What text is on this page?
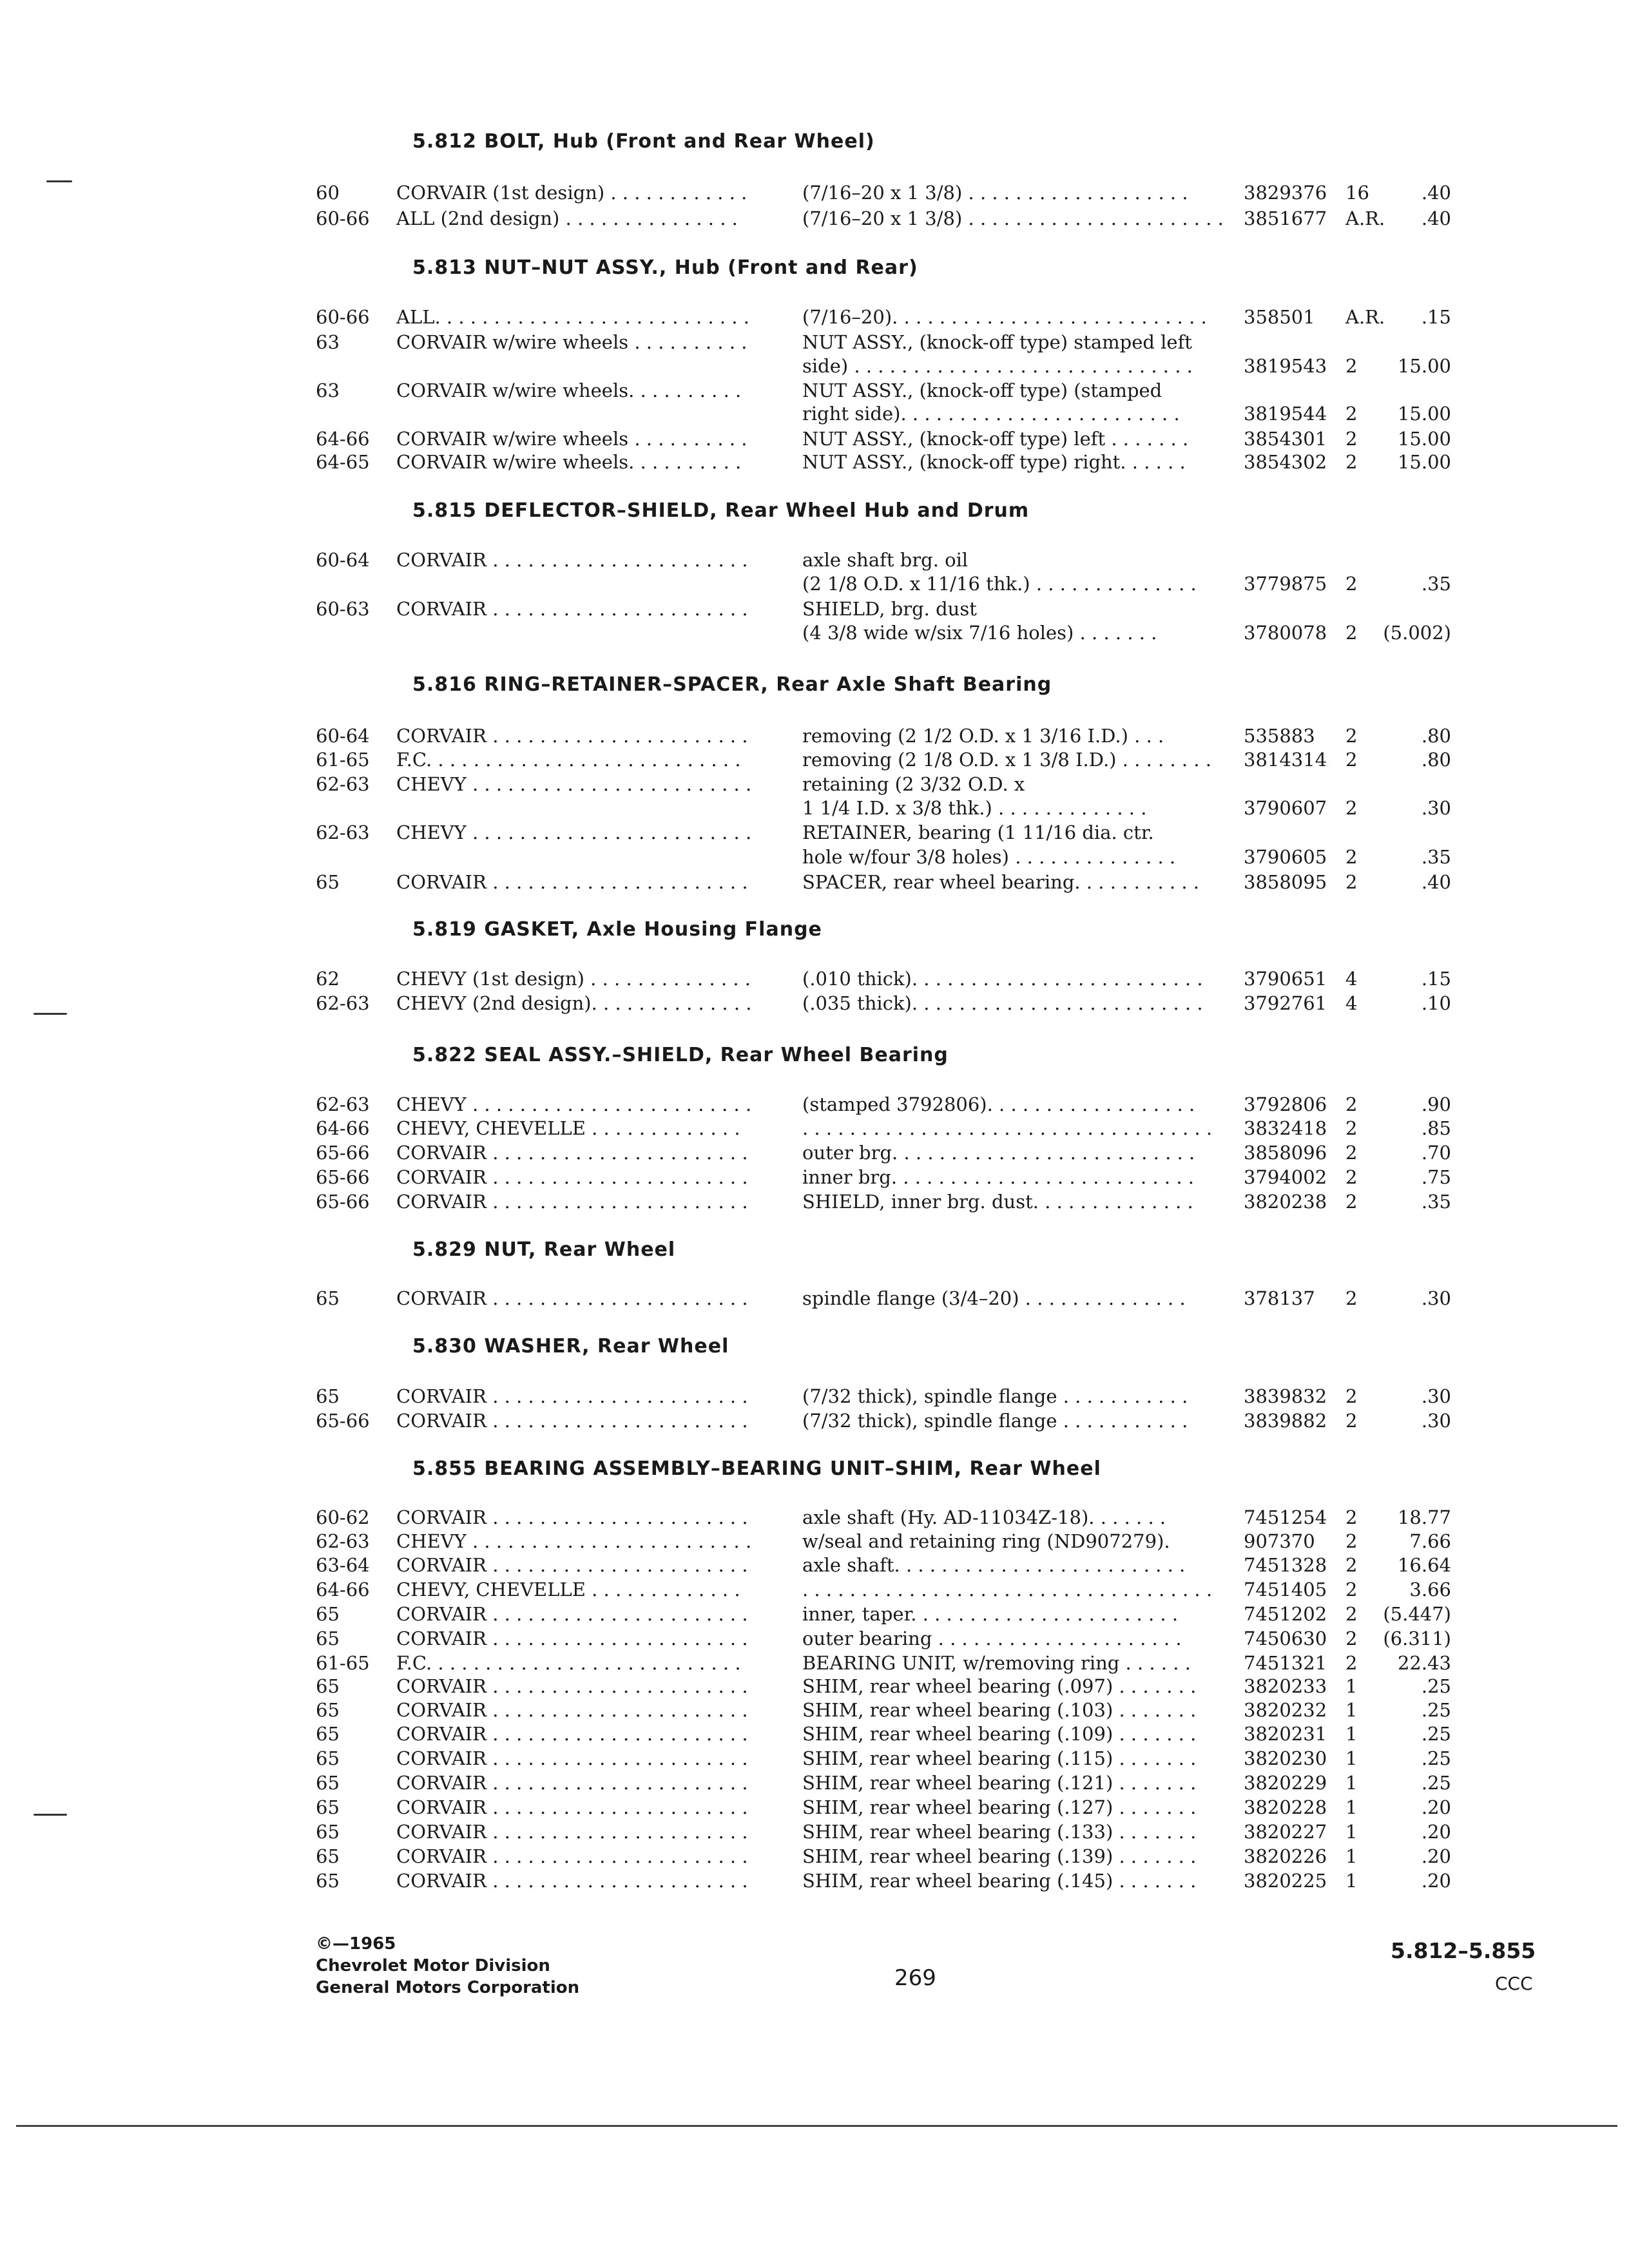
5.812 BOLT, Hub (Front and Rear Wheel)
60	CORVAIR (1st design) . . . . . . . . . . . .	(7/16–20 x 1 3/8) . . . . . . . . . . . . . . . . . . .	3829376 16	.40
60-66 ALL (2nd design) . . . . . . . . . . . . . . .	(7/16–20 x 1 3/8) . . . . . . . . . . . . . . . . . . . . . . 3851677 A.R. .40
5.813 NUT–NUT ASSY., Hub (Front and Rear)
60-66 ALL. . . . . . . . . . . . . . . . . . . . . . . . . . .	(7/16–20). . . . . . . . . . . . . . . . . . . . . . . . . . .	358501 A.R. .15
63	CORVAIR w/wire wheels . . . . . . . . . .	NUT ASSY., (knock-off type) stamped left
side) . . . . . . . . . . . . . . . . . . . . . . . . . . . . .	3819543 2 15.00
63	CORVAIR w/wire wheels. . . . . . . . . .	NUT ASSY., (knock-off type) (stamped
right side). . . . . . . . . . . . . . . . . . . . . . . .	3819544 2 15.00
64-66 CORVAIR w/wire wheels . . . . . . . . . .	NUT ASSY., (knock-off type) left . . . . . . .	3854301 2 15.00
64-65 CORVAIR w/wire wheels. . . . . . . . . .	NUT ASSY., (knock-off type) right. . . . . .	3854302 2 15.00
5.815 DEFLECTOR–SHIELD, Rear Wheel Hub and Drum
60-64 CORVAIR . . . . . . . . . . . . . . . . . . . . . .	axle shaft brg. oil
(2 1/8 O.D. x 11/16 thk.) . . . . . . . . . . . . . .	3779875 2	.35
60-63 CORVAIR . . . . . . . . . . . . . . . . . . . . . .	SHIELD, brg. dust
(4 3/8 wide w/six 7/16 holes) . . . . . . .	3780078 2 (5.002)
5.816 RING–RETAINER–SPACER, Rear Axle Shaft Bearing
60-64 CORVAIR . . . . . . . . . . . . . . . . . . . . . .	removing (2 1/2 O.D. x 1 3/16 I.D.) . . .	535883 2	.80
61-65 F.C. . . . . . . . . . . . . . . . . . . . . . . . . . .	removing (2 1/8 O.D. x 1 3/8 I.D.) . . . . . . . .	3814314 2	.80
62-63 CHEVY . . . . . . . . . . . . . . . . . . . . . . . .	retaining (2 3/32 O.D. x
1 1/4 I.D. x 3/8 thk.) . . . . . . . . . . . . .	3790607 2	.30
62-63 CHEVY . . . . . . . . . . . . . . . . . . . . . . . .	RETAINER, bearing (1 11/16 dia. ctr.
hole w/four 3/8 holes) . . . . . . . . . . . . . .	3790605 2	.35
65	CORVAIR . . . . . . . . . . . . . . . . . . . . . .	SPACER, rear wheel bearing. . . . . . . . . . .	3858095 2	.40
5.819 GASKET, Axle Housing Flange
62	CHEVY (1st design) . . . . . . . . . . . . . .	(.010 thick). . . . . . . . . . . . . . . . . . . . . . . . .	3790651 4	.15
62-63 CHEVY (2nd design). . . . . . . . . . . . . .	(.035 thick). . . . . . . . . . . . . . . . . . . . . . . . .	3792761 4	.10
5.822 SEAL ASSY.–SHIELD, Rear Wheel Bearing
62-63 CHEVY . . . . . . . . . . . . . . . . . . . . . . . .	(stamped 3792806). . . . . . . . . . . . . . . . . .	3792806 2	.90
64-66 CHEVY, CHEVELLE . . . . . . . . . . . . .	. . . . . . . . . . . . . . . . . . . . . . . . . . . . . . . . . . .	3832418 2	.85
65-66 CORVAIR . . . . . . . . . . . . . . . . . . . . . .	outer brg. . . . . . . . . . . . . . . . . . . . . . . . . .	3858096 2	.70
65-66 CORVAIR . . . . . . . . . . . . . . . . . . . . . .	inner brg. . . . . . . . . . . . . . . . . . . . . . . . . .	3794002 2	.75
65-66 CORVAIR . . . . . . . . . . . . . . . . . . . . . .	SHIELD, inner brg. dust. . . . . . . . . . . . . .	3820238 2	.35
5.829 NUT, Rear Wheel
65	CORVAIR . . . . . . . . . . . . . . . . . . . . . .	spindle flange (3/4–20) . . . . . . . . . . . . . .	378137 2	.30
5.830 WASHER, Rear Wheel
65	CORVAIR . . . . . . . . . . . . . . . . . . . . . .	(7/32 thick), spindle flange . . . . . . . . . . .	3839832 2	.30
65-66 CORVAIR . . . . . . . . . . . . . . . . . . . . . .	(7/32 thick), spindle flange . . . . . . . . . . .	3839882 2	.30
5.855 BEARING ASSEMBLY–BEARING UNIT–SHIM, Rear Wheel
60-62 CORVAIR . . . . . . . . . . . . . . . . . . . . . .	axle shaft (Hy. AD-11034Z-18). . . . . . .	7451254 2 18.77
62-63 CHEVY . . . . . . . . . . . . . . . . . . . . . . . .	w/seal and retaining ring (ND907279).	907370 2	7.66
63-64 CORVAIR . . . . . . . . . . . . . . . . . . . . . .	axle shaft. . . . . . . . . . . . . . . . . . . . . . . . .	7451328 2 16.64
64-66 CHEVY, CHEVELLE . . . . . . . . . . . . .	. . . . . . . . . . . . . . . . . . . . . . . . . . . . . . . . . . .	7451405 2	3.66
65	CORVAIR . . . . . . . . . . . . . . . . . . . . . .	inner, taper. . . . . . . . . . . . . . . . . . . . . . .	7451202 2 (5.447)
65	CORVAIR . . . . . . . . . . . . . . . . . . . . . .	outer bearing . . . . . . . . . . . . . . . . . . . . .	7450630 2 (6.311)
61-65 F.C. . . . . . . . . . . . . . . . . . . . . . . . . . .	BEARING UNIT, w/removing ring . . . . . .	7451321 2 22.43
65	CORVAIR . . . . . . . . . . . . . . . . . . . . . .	SHIM, rear wheel bearing (.097) . . . . . . .	3820233 1	.25
65	CORVAIR . . . . . . . . . . . . . . . . . . . . . .	SHIM, rear wheel bearing (.103) . . . . . . .	3820232 1	.25
65	CORVAIR . . . . . . . . . . . . . . . . . . . . . .	SHIM, rear wheel bearing (.109) . . . . . . .	3820231 1	.25
65	CORVAIR . . . . . . . . . . . . . . . . . . . . . .	SHIM, rear wheel bearing (.115) . . . . . . .	3820230 1	.25
65	CORVAIR . . . . . . . . . . . . . . . . . . . . . .	SHIM, rear wheel bearing (.121) . . . . . . .	3820229 1	.25
65	CORVAIR . . . . . . . . . . . . . . . . . . . . . .	SHIM, rear wheel bearing (.127) . . . . . . .	3820228 1	.20
65	CORVAIR . . . . . . . . . . . . . . . . . . . . . .	SHIM, rear wheel bearing (.133) . . . . . . .	3820227 1	.20
65	CORVAIR . . . . . . . . . . . . . . . . . . . . . .	SHIM, rear wheel bearing (.139) . . . . . . .	3820226 1	.20
65	CORVAIR . . . . . . . . . . . . . . . . . . . . . .	SHIM, rear wheel bearing (.145) . . . . . . .	3820225 1	.20
©—1965
Chevrolet Motor Division
General Motors Corporation	269
5.812–5.855
CCC
